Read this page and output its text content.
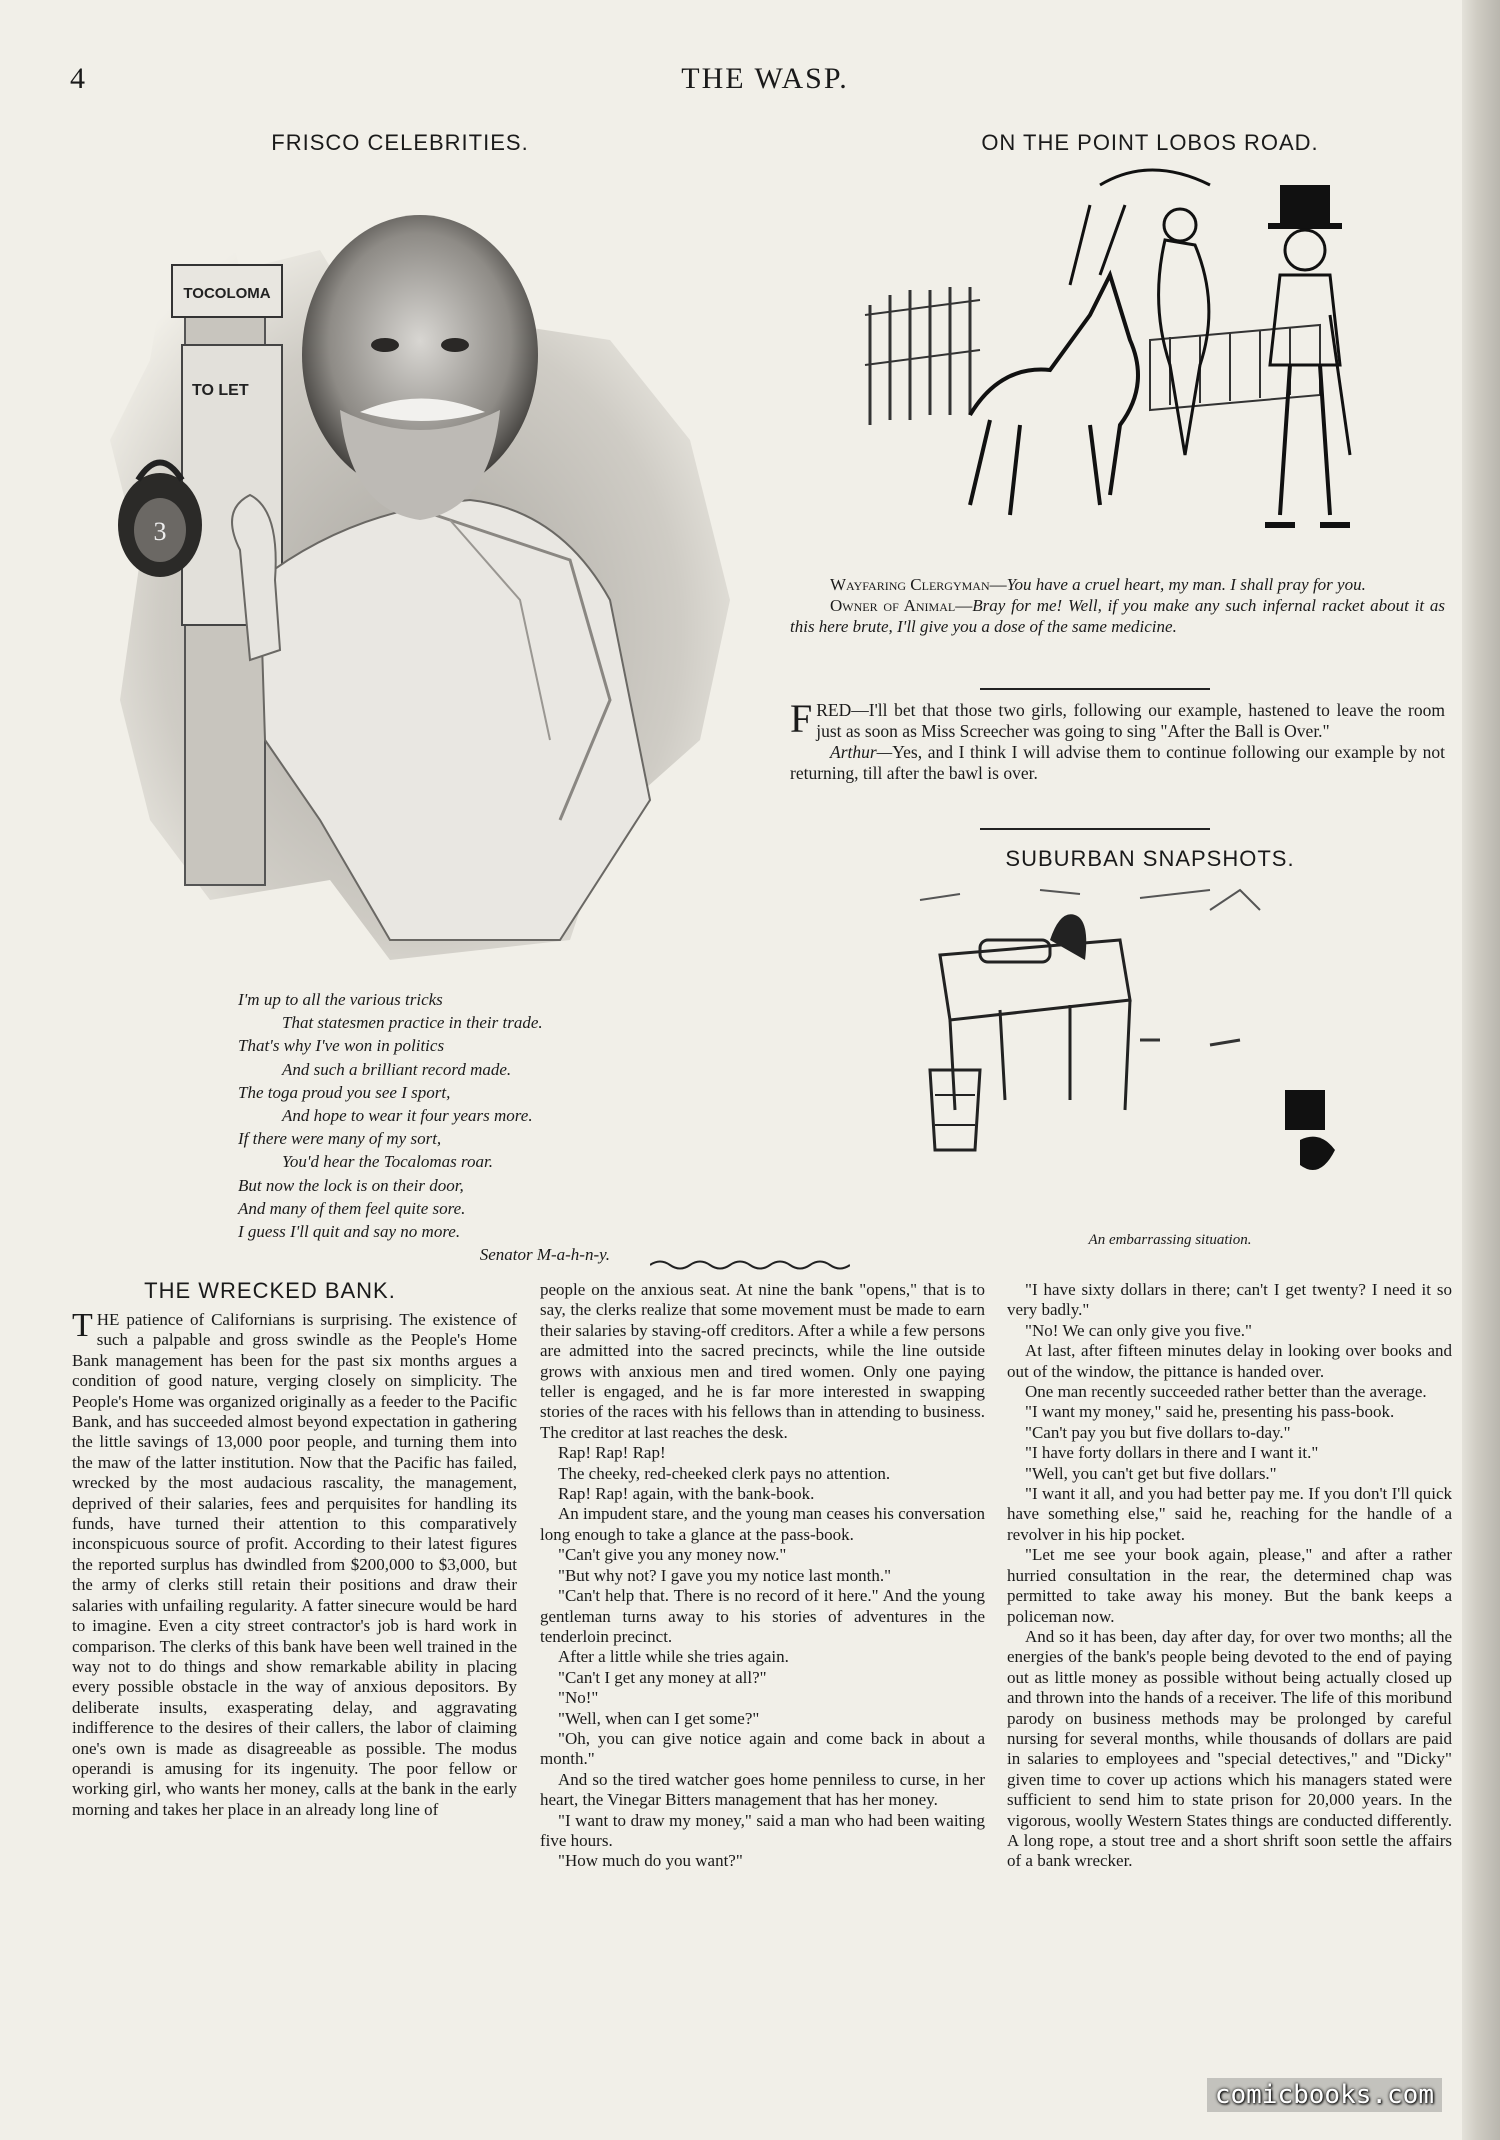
4	THE WASP.
FRISCO CELEBRITIES.
TOCOLOMA
TO LET
3
I'm up to all the various tricks
That statesmen practice in their trade.
That's why I've won in politics
And such a brilliant record made.
The toga proud you see I sport,
And hope to wear it four years more.
If there were many of my sort,
You'd hear the Tocalomas roar.
But now the lock is on their door,
And many of them feel quite sore.
I guess I'll quit and say no more.
Senator M-a-h-n-y.
ON THE POINT LOBOS ROAD.

Wayfaring Clergyman—You have a cruel heart, my man. I shall pray for you.

Owner of Animal—Bray for me! Well, if you make any such infernal racket about it as this here brute, I'll give you a dose of the same medicine.

FRED—I'll bet that those two girls, following our example, hastened to leave the room just as soon as Miss Screecher was going to sing "After the Ball is Over."

Arthur—Yes, and I think I will advise them to continue following our example by not returning, till after the bawl is over.

SUBURBAN SNAPSHOTS.
An embarrassing situation.
THE WRECKED BANK.

THE patience of Californians is surprising. The existence of such a palpable and gross swindle as the People's Home Bank management has been for the past six months argues a condition of good nature, verging closely on simplicity. The People's Home was organized originally as a feeder to the Pacific Bank, and has succeeded almost beyond expectation in gathering the little savings of 13,000 poor people, and turning them into the maw of the latter institution. Now that the Pacific has failed, wrecked by the most audacious rascality, the management, deprived of their salaries, fees and perquisites for handling its funds, have turned their attention to this comparatively inconspicuous source of profit. According to their latest figures the reported surplus has dwindled from $200,000 to $3,000, but the army of clerks still retain their positions and draw their salaries with unfailing regularity. A fatter sinecure would be hard to imagine. Even a city street contractor's job is hard work in comparison. The clerks of this bank have been well trained in the way not to do things and show remarkable ability in placing every possible obstacle in the way of anxious depositors. By deliberate insults, exasperating delay, and aggravating indifference to the desires of their callers, the labor of claiming one's own is made as disagreeable as possible. The modus operandi is amusing for its ingenuity. The poor fellow or working girl, who wants her money, calls at the bank in the early morning and takes her place in an already long line of

people on the anxious seat. At nine the bank "opens," that is to say, the clerks realize that some movement must be made to earn their salaries by staving-off creditors. After a while a few persons are admitted into the sacred precincts, while the line outside grows with anxious men and tired women. Only one paying teller is engaged, and he is far more interested in swapping stories of the races with his fellows than in attending to business. The creditor at last reaches the desk.

Rap! Rap! Rap!

The cheeky, red-cheeked clerk pays no attention.

Rap! Rap! again, with the bank-book.

An impudent stare, and the young man ceases his conversation long enough to take a glance at the pass-book.

"Can't give you any money now."

"But why not? I gave you my notice last month."

"Can't help that. There is no record of it here." And the young gentleman turns away to his stories of adventures in the tenderloin precinct.

After a little while she tries again.

"Can't I get any money at all?"

"No!"

"Well, when can I get some?"

"Oh, you can give notice again and come back in about a month."

And so the tired watcher goes home penniless to curse, in her heart, the Vinegar Bitters management that has her money.

"I want to draw my money," said a man who had been waiting five hours.

"How much do you want?"

"I have sixty dollars in there; can't I get twenty? I need it so very badly."

"No! We can only give you five."

At last, after fifteen minutes delay in looking over books and out of the window, the pittance is handed over.

One man recently succeeded rather better than the average.

"I want my money," said he, presenting his pass-book.

"Can't pay you but five dollars to-day."

"I have forty dollars in there and I want it."

"Well, you can't get but five dollars."

"I want it all, and you had better pay me. If you don't I'll quick have something else," said he, reaching for the handle of a revolver in his hip pocket.

"Let me see your book again, please," and after a rather hurried consultation in the rear, the determined chap was permitted to take away his money. But the bank keeps a policeman now.

And so it has been, day after day, for over two months; all the energies of the bank's people being devoted to the end of paying out as little money as possible without being actually closed up and thrown into the hands of a receiver. The life of this moribund parody on business methods may be prolonged by careful nursing for several months, while thousands of dollars are paid in salaries to employees and "special detectives," and "Dicky" given time to cover up actions which his managers stated were sufficient to send him to state prison for 20,000 years. In the vigorous, woolly Western States things are conducted differently. A long rope, a stout tree and a short shrift soon settle the affairs of a bank wrecker.

comicbooks.com
